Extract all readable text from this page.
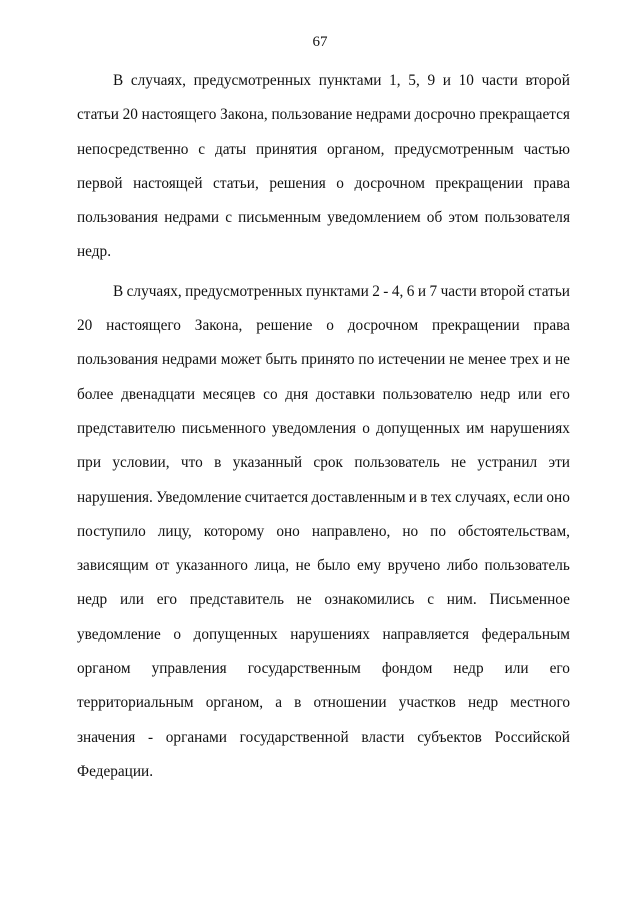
67
В случаях, предусмотренных пунктами 1, 5, 9 и 10 части второй
статьи 20 настоящего Закона, пользование недрами досрочно прекращается
непосредственно с даты принятия органом, предусмотренным частью
первой настоящей статьи, решения о досрочном прекращении права
пользования недрами с письменным уведомлением об этом пользователя
недр.
В случаях, предусмотренных пунктами 2 - 4, 6 и 7 части второй статьи
20 настоящего Закона, решение о досрочном прекращении права
пользования недрами может быть принято по истечении не менее трех и не
более двенадцати месяцев со дня доставки пользователю недр или его
представителю письменного уведомления о допущенных им нарушениях
при условии, что в указанный срок пользователь не устранил эти
нарушения. Уведомление считается доставленным и в тех случаях, если оно
поступило лицу, которому оно направлено, но по обстоятельствам,
зависящим от указанного лица, не было ему вручено либо пользователь
недр или его представитель не ознакомились с ним. Письменное
уведомление о допущенных нарушениях направляется федеральным
органом управления государственным фондом недр или его
территориальным органом, а в отношении участков недр местного
значения - органами государственной власти субъектов Российской
Федерации.
